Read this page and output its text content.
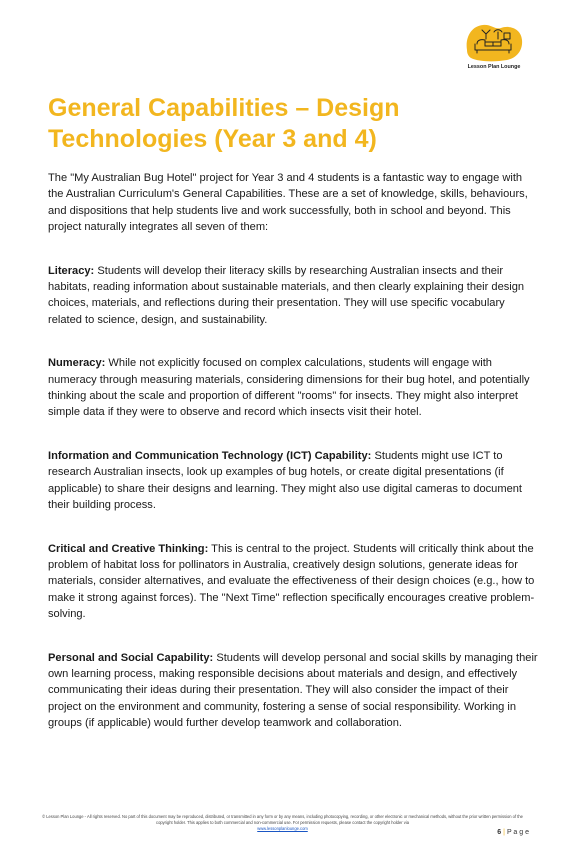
Lesson Plan Lounge
General Capabilities – Design Technologies (Year 3 and 4)

The "My Australian Bug Hotel" project for Year 3 and 4 students is a fantastic way to engage with the Australian Curriculum's General Capabilities. These are a set of knowledge, skills, behaviours, and dispositions that help students live and work successfully, both in school and beyond. This project naturally integrates all seven of them:

Literacy: Students will develop their literacy skills by researching Australian insects and their habitats, reading information about sustainable materials, and then clearly explaining their design choices, materials, and reflections during their presentation. They will use specific vocabulary related to science, design, and sustainability.

Numeracy: While not explicitly focused on complex calculations, students will engage with numeracy through measuring materials, considering dimensions for their bug hotel, and potentially thinking about the scale and proportion of different "rooms" for insects. They might also interpret simple data if they were to observe and record which insects visit their hotel.

Information and Communication Technology (ICT) Capability: Students might use ICT to research Australian insects, look up examples of bug hotels, or create digital presentations (if applicable) to share their designs and learning. They might also use digital cameras to document their building process.

Critical and Creative Thinking: This is central to the project. Students will critically think about the problem of habitat loss for pollinators in Australia, creatively design solutions, generate ideas for materials, consider alternatives, and evaluate the effectiveness of their design choices (e.g., how to make it strong against forces). The "Next Time" reflection specifically encourages creative problem-solving.

Personal and Social Capability: Students will develop personal and social skills by managing their own learning process, making responsible decisions about materials and design, and effectively communicating their ideas during their presentation. They will also consider the impact of their project on the environment and community, fostering a sense of social responsibility. Working in groups (if applicable) would further develop teamwork and collaboration.

© Lesson Plan Lounge - All rights reserved. No part of this document may be reproduced, distributed, or transmitted in any form or by any means, including photocopying, recording, or other electronic or mechanical methods, without the prior written permission of the copyright holder. This applies to both commercial and non-commercial use. For permission requests, please contact the copyright holder via
www.lessonplanlounge.com
6 | P a g e
